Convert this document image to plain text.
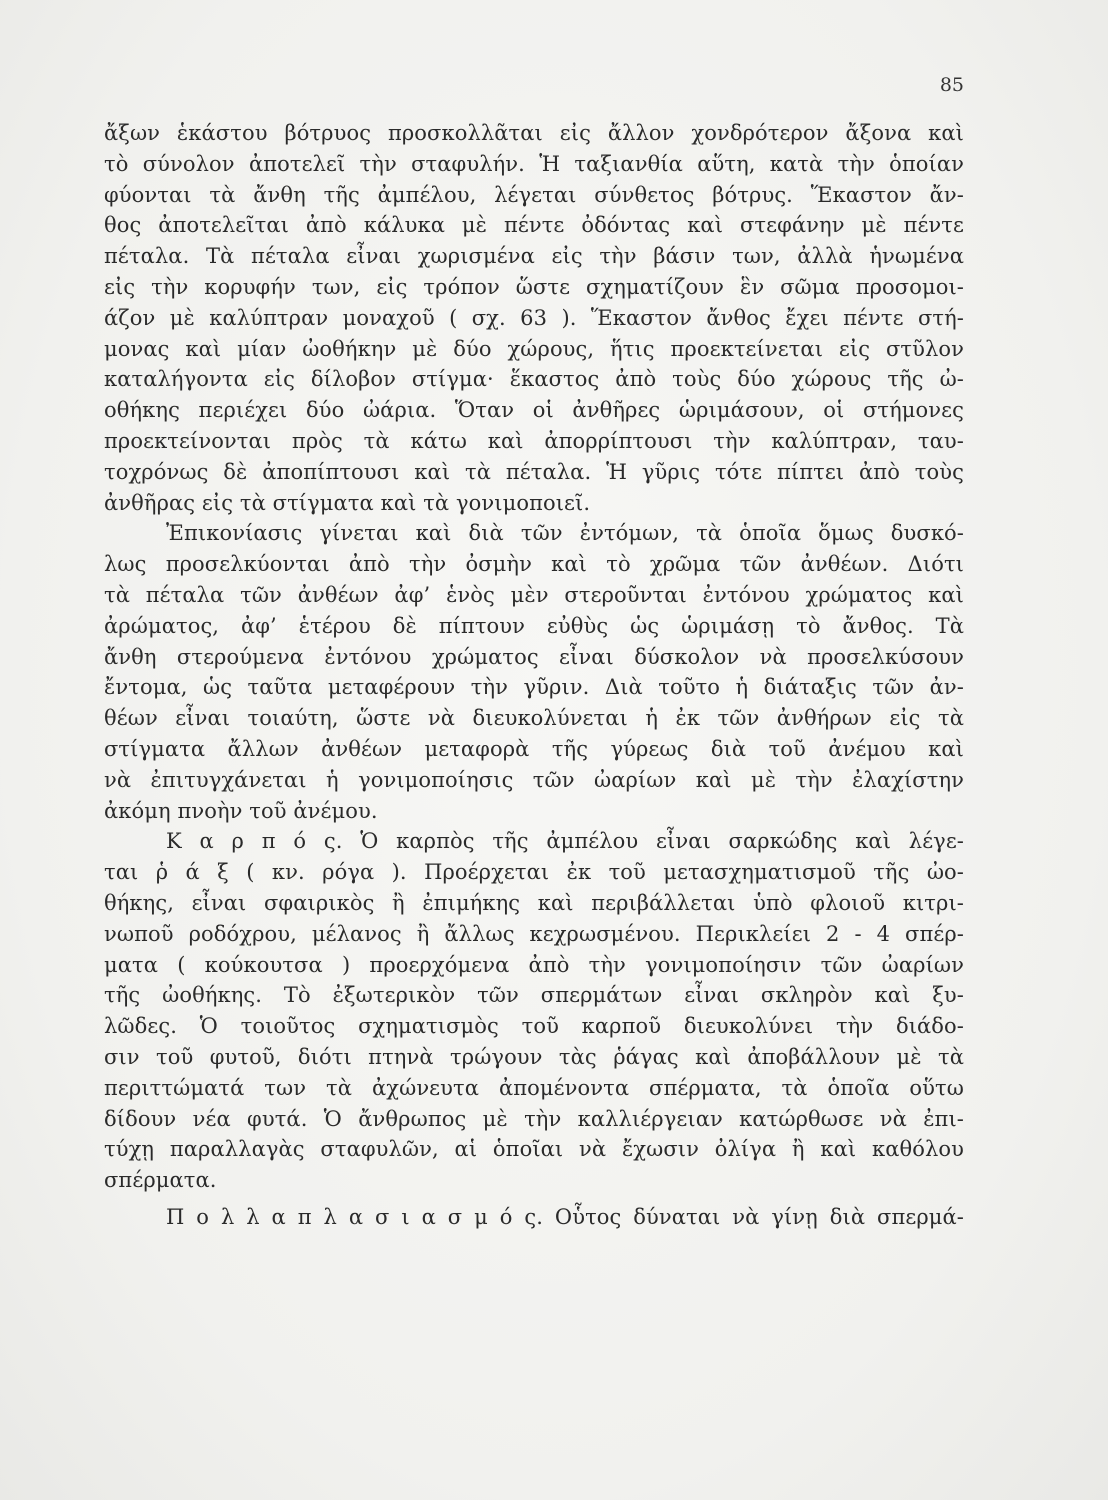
85
ἄξων ἑκάστου βότρυος προσκολλᾶται εἰς ἄλλον χονδρότερον ἄξονα καὶ
τὸ σύνολον ἀποτελεῖ τὴν σταφυλήν. Ἡ ταξιανθία αὕτη, κατὰ τὴν ὁποίαν
φύονται τὰ ἄνθη τῆς ἀμπέλου, λέγεται σύνθετος βότρυς. Ἕκαστον ἄν-
θος ἀποτελεῖται ἀπὸ κάλυκα μὲ πέντε ὀδόντας καὶ στεφάνην μὲ πέντε
πέταλα. Τὰ πέταλα εἶναι χωρισμένα εἰς τὴν βάσιν των, ἀλλὰ ἡνωμένα
εἰς τὴν κορυφήν των, εἰς τρόπον ὥστε σχηματίζουν ἓν σῶμα προσομοι-
άζον μὲ καλύπτραν μοναχοῦ ( σχ. 63 ). Ἕκαστον ἄνθος ἔχει πέντε στή-
μονας καὶ μίαν ὠοθήκην μὲ δύο χώρους, ἥτις προεκτείνεται εἰς στῦλον
καταλήγοντα εἰς δίλοβον στίγμα· ἕκαστος ἀπὸ τοὺς δύο χώρους τῆς ὠ-
οθήκης περιέχει δύο ὠάρια. Ὅταν οἱ ἀνθῆρες ὡριμάσουν, οἱ στήμονες
προεκτείνονται πρὸς τὰ κάτω καὶ ἀπορρίπτουσι τὴν καλύπτραν, ταυ-
τοχρόνως δὲ ἀποπίπτουσι καὶ τὰ πέταλα. Ἡ γῦρις τότε πίπτει ἀπὸ τοὺς
ἀνθῆρας εἰς τὰ στίγματα καὶ τὰ γονιμοποιεῖ.
Ἐπικονίασις γίνεται καὶ διὰ τῶν ἐντόμων, τὰ ὁποῖα ὅμως δυσκό-
λως προσελκύονται ἀπὸ τὴν ὀσμὴν καὶ τὸ χρῶμα τῶν ἀνθέων. Διότι
τὰ πέταλα τῶν ἀνθέων ἀφ’ ἑνὸς μὲν στεροῦνται ἐντόνου χρώματος καὶ
ἀρώματος, ἀφ’ ἑτέρου δὲ πίπτουν εὐθὺς ὡς ὡριμάσῃ τὸ ἄνθος. Τὰ
ἄνθη στερούμενα ἐντόνου χρώματος εἶναι δύσκολον νὰ προσελκύσουν
ἔντομα, ὡς ταῦτα μεταφέρουν τὴν γῦριν. Διὰ τοῦτο ἡ διάταξις τῶν ἀν-
θέων εἶναι τοιαύτη, ὥστε νὰ διευκολύνεται ἡ ἐκ τῶν ἀνθήρων εἰς τὰ
στίγματα ἄλλων ἀνθέων μεταφορὰ τῆς γύρεως διὰ τοῦ ἀνέμου καὶ
νὰ ἐπιτυγχάνεται ἡ γονιμοποίησις τῶν ὠαρίων καὶ μὲ τὴν ἐλαχίστην
ἀκόμη πνοὴν τοῦ ἀνέμου.
Κ α ρ π ό ς. Ὁ καρπὸς τῆς ἀμπέλου εἶναι σαρκώδης καὶ λέγε-
ται ῥ ά ξ ( κν. ρόγα ). Προέρχεται ἐκ τοῦ μετασχηματισμοῦ τῆς ὠο-
θήκης, εἶναι σφαιρικὸς ἢ ἐπιμήκης καὶ περιβάλλεται ὑπὸ φλοιοῦ κιτρι-
νωποῦ ροδόχρου, μέλανος ἢ ἄλλως κεχρωσμένου. Περικλείει 2 - 4 σπέρ-
ματα ( κούκουτσα ) προερχόμενα ἀπὸ τὴν γονιμοποίησιν τῶν ὠαρίων
τῆς ὠοθήκης. Τὸ ἐξωτερικὸν τῶν σπερμάτων εἶναι σκληρὸν καὶ ξυ-
λῶδες. Ὁ τοιοῦτος σχηματισμὸς τοῦ καρποῦ διευκολύνει τὴν διάδο-
σιν τοῦ φυτοῦ, διότι πτηνὰ τρώγουν τὰς ῥάγας καὶ ἀποβάλλουν μὲ τὰ
περιττώματά των τὰ ἀχώνευτα ἀπομένοντα σπέρματα, τὰ ὁποῖα οὕτω
δίδουν νέα φυτά. Ὁ ἄνθρωπος μὲ τὴν καλλιέργειαν κατώρθωσε νὰ ἐπι-
τύχῃ παραλλαγὰς σταφυλῶν, αἱ ὁποῖαι νὰ ἔχωσιν ὀλίγα ἢ καὶ καθόλου
σπέρματα.
Π ο λ λ α π λ α σ ι α σ μ ό ς. Οὗτος δύναται νὰ γίνῃ διὰ σπερμά-
